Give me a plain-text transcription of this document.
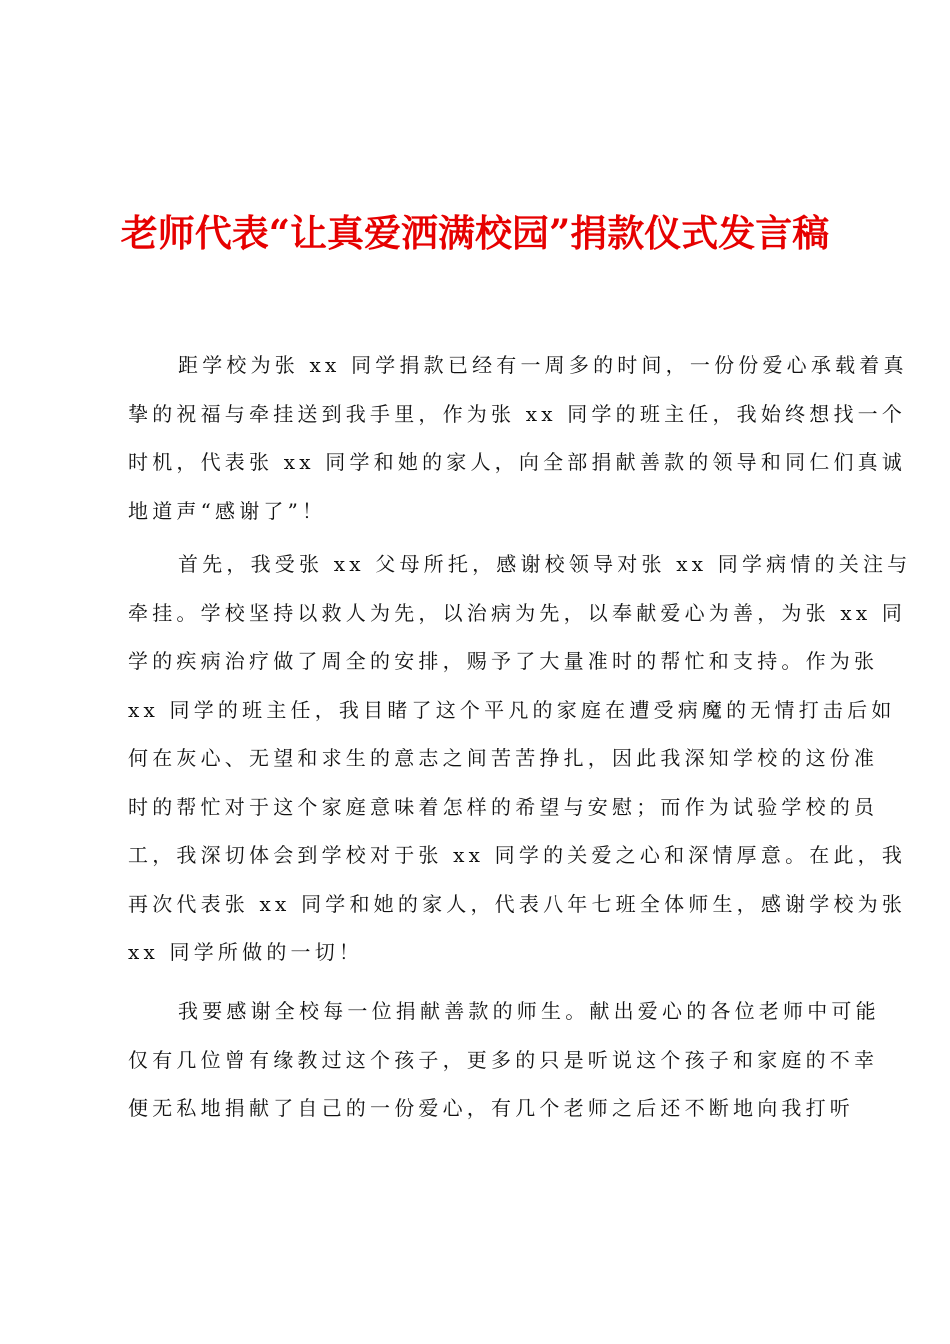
老师代表“让真爱洒满校园”捐款仪式发言稿
距学校为张 xx 同学捐款已经有一周多的时间，一份份爱心承载着真
挚的祝福与牵挂送到我手里，作为张 xx 同学的班主任，我始终想找一个
时机，代表张 xx 同学和她的家人，向全部捐献善款的领导和同仁们真诚
地道声“感谢了”！
首先，我受张 xx 父母所托，感谢校领导对张 xx 同学病情的关注与
牵挂。学校坚持以救人为先，以治病为先，以奉献爱心为善，为张 xx 同
学的疾病治疗做了周全的安排，赐予了大量准时的帮忙和支持。作为张
xx 同学的班主任，我目睹了这个平凡的家庭在遭受病魔的无情打击后如
何在灰心、无望和求生的意志之间苦苦挣扎，因此我深知学校的这份准
时的帮忙对于这个家庭意味着怎样的希望与安慰；而作为试验学校的员
工，我深切体会到学校对于张 xx 同学的关爱之心和深情厚意。在此，我
再次代表张 xx 同学和她的家人，代表八年七班全体师生，感谢学校为张
xx 同学所做的一切！
我要感谢全校每一位捐献善款的师生。献出爱心的各位老师中可能
仅有几位曾有缘教过这个孩子，更多的只是听说这个孩子和家庭的不幸
便无私地捐献了自己的一份爱心，有几个老师之后还不断地向我打听
